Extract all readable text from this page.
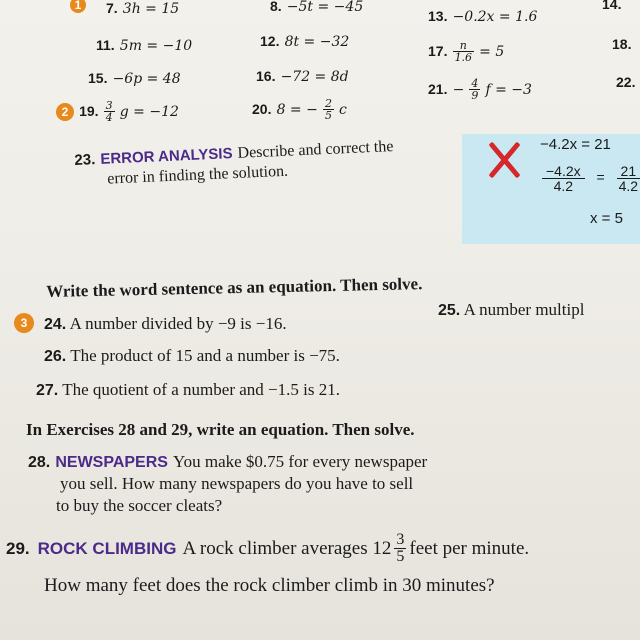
1	7. 3h = 15	8. −5t = −45
13. −0.2x = 1.6
14.
11. 5m = −10	12. 8t = −32
17. $\frac{n}{1.6} = 5$	18.
15. −6p = 48	16. −72 = 8d	22.
2 19. $\frac{3}{4}$ g = −12	20. 8 = − $\frac{2}{5}$ c
21. − $\frac{4}{9}$ f = −3
23. ERROR ANALYSIS Describe and correct the
error in finding the solution.
−4.2x = 21
$\frac{-4.2x}{4.2} = \frac{21}{4.2}$
x = 5
Write the word sentence as an equation. Then solve.
3	24. A number divided by −9 is −16.
25. A number multipl
26. The product of 15 and a number is −75.
27. The quotient of a number and −1.5 is 21.
In Exercises 28 and 29, write an equation. Then solve.
28. NEWSPAPERS You make $0.75 for every newspaper
you sell. How many newspapers do you have to sell
to buy the soccer cleats?
29. ROCK CLIMBING A rock climber averages $12 \frac{3}{5}$ feet per minute.
How many feet does the rock climber climb in 30 minutes?
